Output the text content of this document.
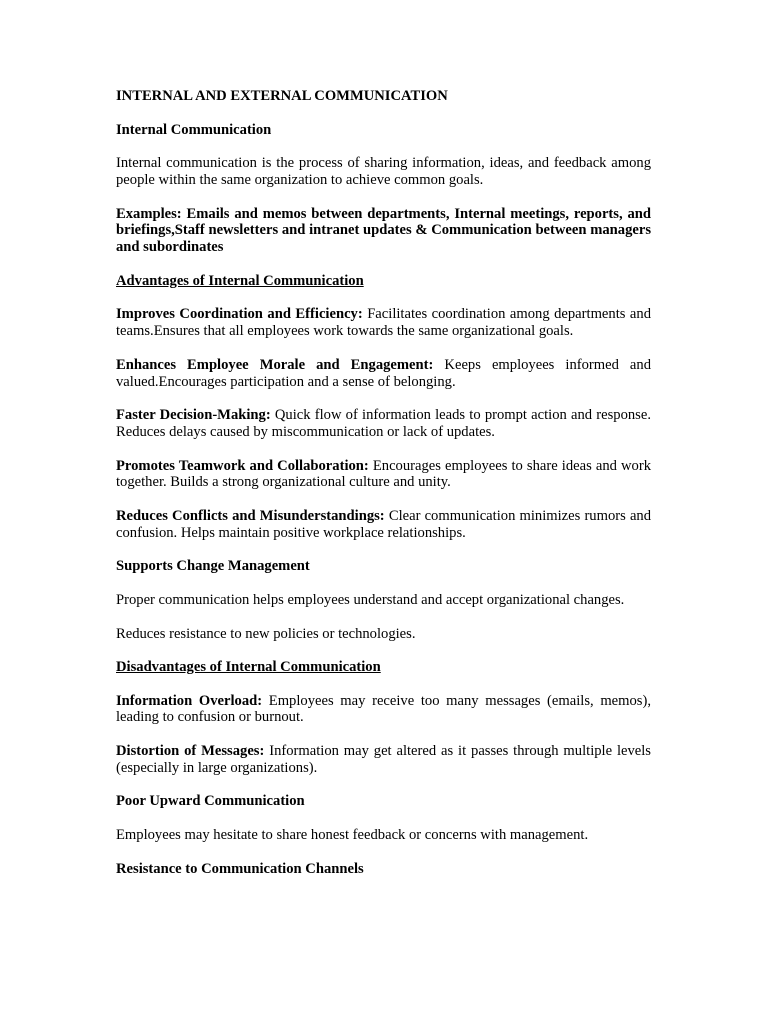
INTERNAL AND EXTERNAL COMMUNICATION

Internal Communication

Internal communication is the process of sharing information, ideas, and feedback among people within the same organization to achieve common goals.

Examples: Emails and memos between departments, Internal meetings, reports, and briefings,Staff newsletters and intranet updates & Communication between managers and subordinates

Advantages of Internal Communication

Improves Coordination and Efficiency: Facilitates coordination among departments and teams.Ensures that all employees work towards the same organizational goals.

Enhances Employee Morale and Engagement: Keeps employees informed and valued.Encourages participation and a sense of belonging.

Faster Decision-Making: Quick flow of information leads to prompt action and response. Reduces delays caused by miscommunication or lack of updates.

Promotes Teamwork and Collaboration: Encourages employees to share ideas and work together. Builds a strong organizational culture and unity.

Reduces Conflicts and Misunderstandings: Clear communication minimizes rumors and confusion. Helps maintain positive workplace relationships.

Supports Change Management

Proper communication helps employees understand and accept organizational changes.

Reduces resistance to new policies or technologies.

Disadvantages of Internal Communication

Information Overload: Employees may receive too many messages (emails, memos), leading to confusion or burnout.

Distortion of Messages: Information may get altered as it passes through multiple levels (especially in large organizations).

Poor Upward Communication

Employees may hesitate to share honest feedback or concerns with management.

Resistance to Communication Channels
